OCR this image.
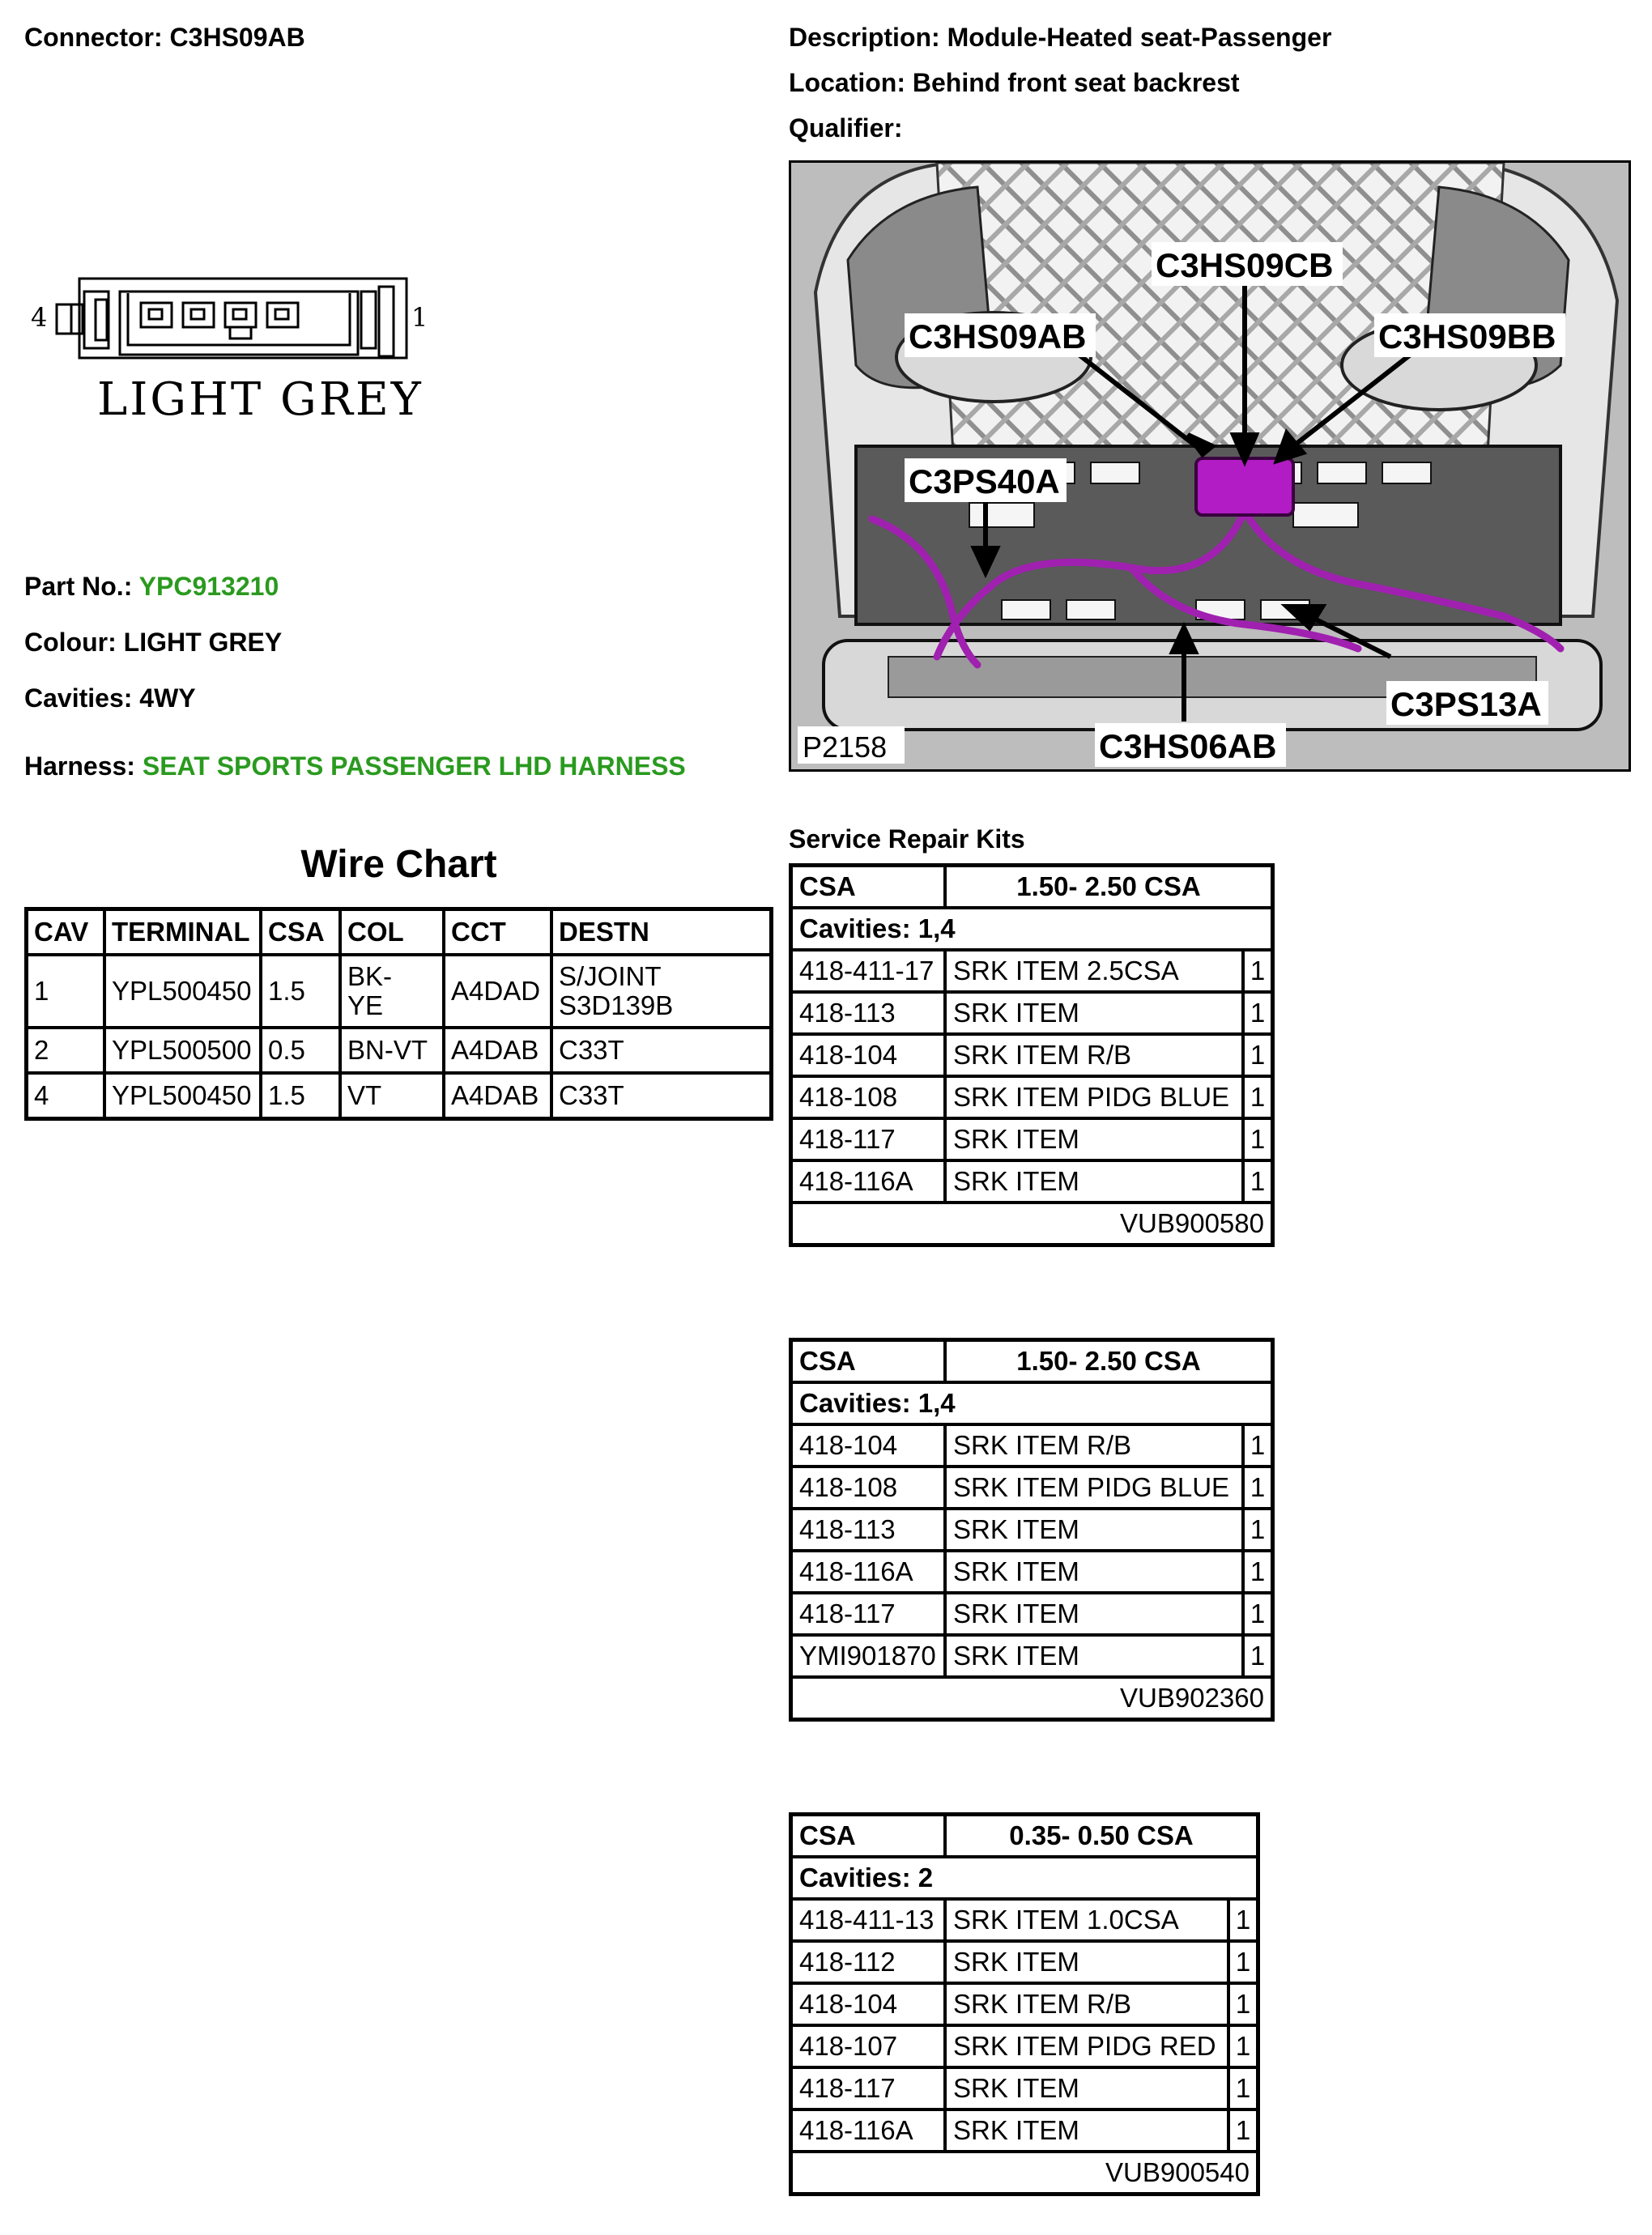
Connector: C3HS09AB	Description: Module-Heated seat-Passenger
Location: Behind front seat backrest
Qualifier:
4	1
LIGHT GREY
C3HS09CB
C3HS09AB	C3HS09BB
C3PS40A
C3PS13A
C3HS06AB
P2158
Part No.: YPC913210
Colour: LIGHT GREY
Cavities: 4WY
Harness: SEAT SPORTS PASSENGER LHD HARNESS
Wire Chart
CAV	TERMINAL	CSA	COL	CCT	DESTN
1	YPL500450	1.5	BK-YE	A4DAD	S/JOINT S3D139B
2	YPL500500	0.5	BN-VT	A4DAB	C33T
4	YPL500450	1.5	VT	A4DAB	C33T
Service Repair Kits
CSA	1.50- 2.50 CSA	
Cavities: 1,4		
418-411-17	SRK ITEM 2.5CSA	1
418-113	SRK ITEM	1
418-104	SRK ITEM R/B	1
418-108	SRK ITEM PIDG BLUE	1
418-117	SRK ITEM	1
418-116A	SRK ITEM	1
VUB900580		
CSA	1.50- 2.50 CSA	
Cavities: 1,4		
418-104	SRK ITEM R/B	1
418-108	SRK ITEM PIDG BLUE	1
418-113	SRK ITEM	1
418-116A	SRK ITEM	1
418-117	SRK ITEM	1
YMI901870	SRK ITEM	1
VUB902360		
CSA	0.35- 0.50 CSA	
Cavities: 2		
418-411-13	SRK ITEM 1.0CSA	1
418-112	SRK ITEM	1
418-104	SRK ITEM R/B	1
418-107	SRK ITEM PIDG RED	1
418-117	SRK ITEM	1
418-116A	SRK ITEM	1
VUB900540		
